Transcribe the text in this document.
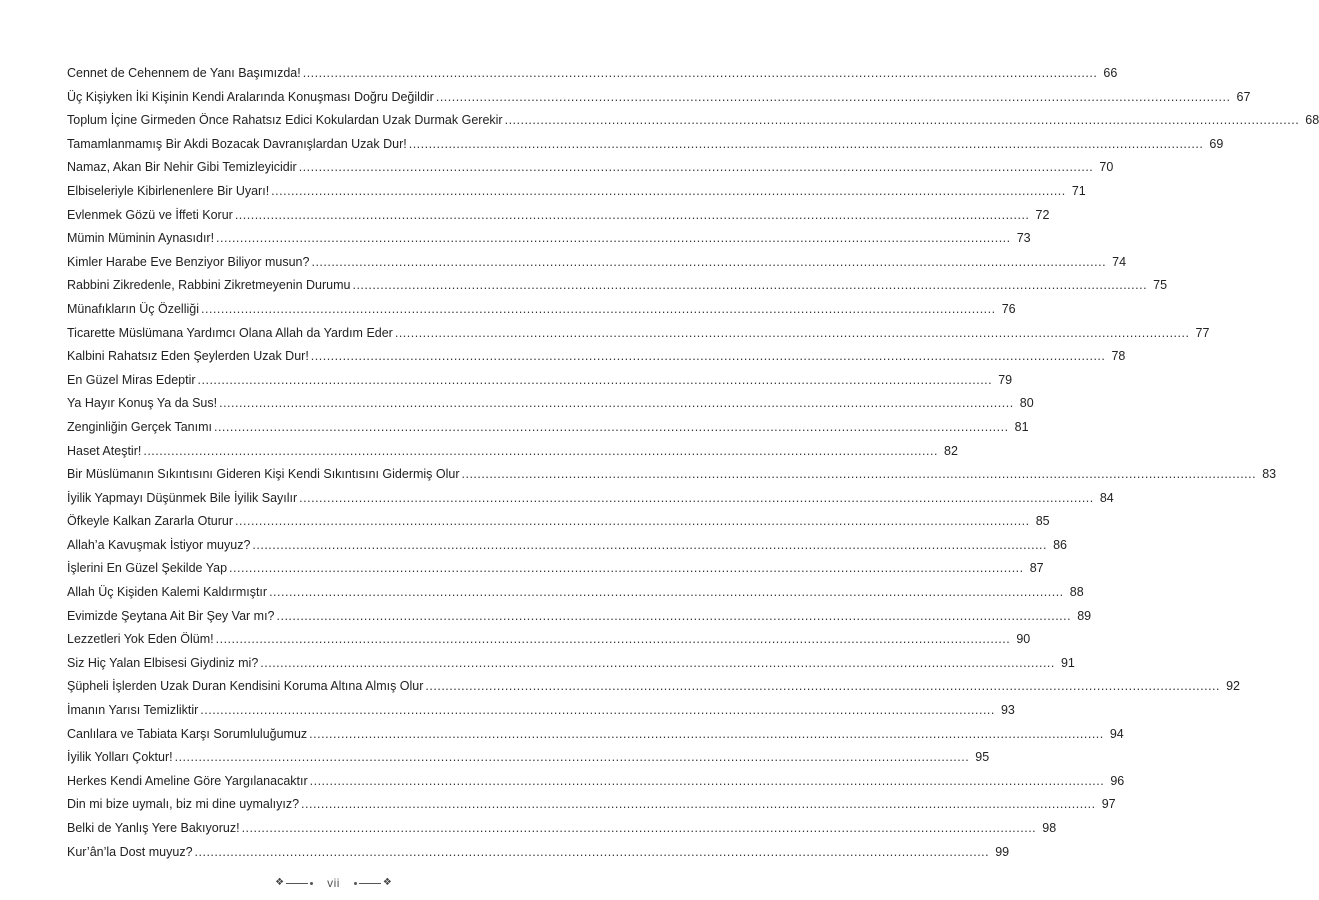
Cennet de Cehennem de Yanı Başımızda! .....	66
Üç Kişiyken İki Kişinin Kendi Aralarında Konuşması Doğru Değildir .....	67
Toplum İçine Girmeden Önce Rahatsız Edici Kokulardan Uzak Durmak Gerekir .....	68
Tamamlanmamış Bir Akdi Bozacak Davranışlardan Uzak Dur! .....	69
Namaz, Akan Bir Nehir Gibi Temizleyicidir .....	70
Elbiseleriyle Kibirlenenlere Bir Uyarı! .....	71
Evlenmek Gözü ve İffeti Korur .....	72
Mümin Müminin Aynasıdır! .....	73
Kimler Harabe Eve Benziyor Biliyor musun? .....	74
Rabbini Zikredenle, Rabbini Zikretmeyenin Durumu .....	75
Münafıkların Üç Özelliği .....	76
Ticarette Müslümana Yardımcı Olana Allah da Yardım Eder .....	77
Kalbini Rahatsız Eden Şeylerden Uzak Dur! .....	78
En Güzel Miras Edeptir .....	79
Ya Hayır Konuş Ya da Sus! .....	80
Zenginliğin Gerçek Tanımı .....	81
Haset Ateştir! .....	82
Bir Müslümanın Sıkıntısını Gideren Kişi Kendi Sıkıntısını Gidermiş Olur .....	83
İyilik Yapmayı Düşünmek Bile İyilik Sayılır .....	84
Öfkeyle Kalkan Zararla Oturur .....	85
Allah’a Kavuşmak İstiyor muyuz? .....	86
İşlerini En Güzel Şekilde Yap .....	87
Allah Üç Kişiden Kalemi Kaldırmıştır .....	88
Evimizde Şeytana Ait Bir Şey Var mı? .....	89
Lezzetleri Yok Eden Ölüm! .....	90
Siz Hiç Yalan Elbisesi Giydiniz mi? .....	91
Şüpheli İşlerden Uzak Duran Kendisini Koruma Altına Almış Olur .....	92
İmanın Yarısı Temizliktir .....	93
Canlılara ve Tabiata Karşı Sorumluluğumuz .....	94
İyilik Yolları Çoktur! .....	95
Herkes Kendi Ameline Göre Yargılanacaktır .....	96
Din mi bize uymalı, biz mi dine uymalıyız? .....	97
Belki de Yanlış Yere Bakıyoruz! .....	98
Kur’ân’la Dost muyuz? .....	99
❖	vii	❖
